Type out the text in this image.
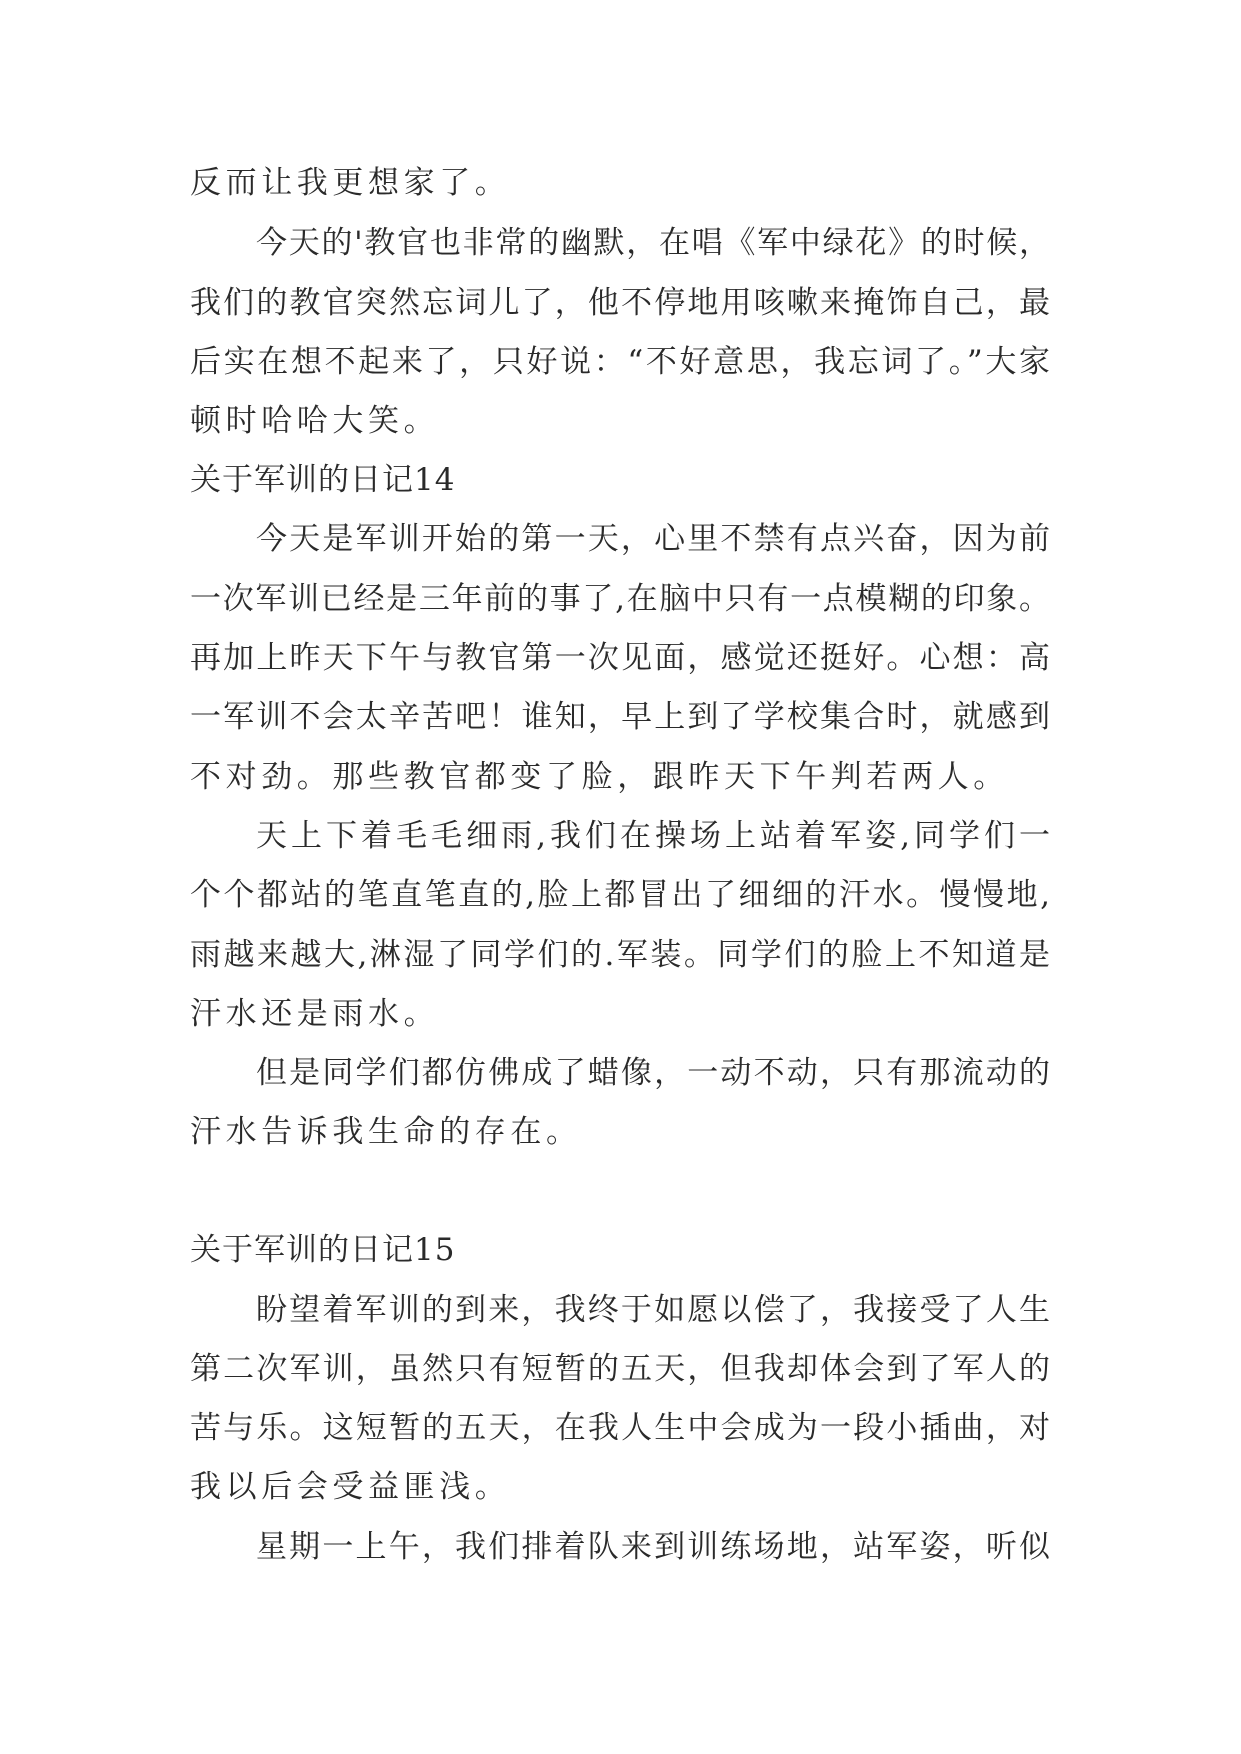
反而让我更想家了。

今天的'教官也非常的幽默，在唱《军中绿花》的时候，

我们的教官突然忘词儿了，他不停地用咳嗽来掩饰自己，最

后实在想不起来了，只好说：“不好意思，我忘词了。”大家

顿时哈哈大笑。

关于军训的日记14

今天是军训开始的第一天，心里不禁有点兴奋，因为前

一次军训已经是三年前的事了,在脑中只有一点模糊的印象。

再加上昨天下午与教官第一次见面，感觉还挺好。心想：高

一军训不会太辛苦吧！谁知，早上到了学校集合时，就感到

不对劲。那些教官都变了脸，跟昨天下午判若两人。

天上下着毛毛细雨,我们在操场上站着军姿,同学们一

个个都站的笔直笔直的,脸上都冒出了细细的汗水。慢慢地,

雨越来越大,淋湿了同学们的.军装。同学们的脸上不知道是

汗水还是雨水。

但是同学们都仿佛成了蜡像，一动不动，只有那流动的

汗水告诉我生命的存在。

关于军训的日记15

盼望着军训的到来，我终于如愿以偿了，我接受了人生

第二次军训，虽然只有短暂的五天，但我却体会到了军人的

苦与乐。这短暂的五天，在我人生中会成为一段小插曲，对

我以后会受益匪浅。

星期一上午，我们排着队来到训练场地，站军姿，听似
